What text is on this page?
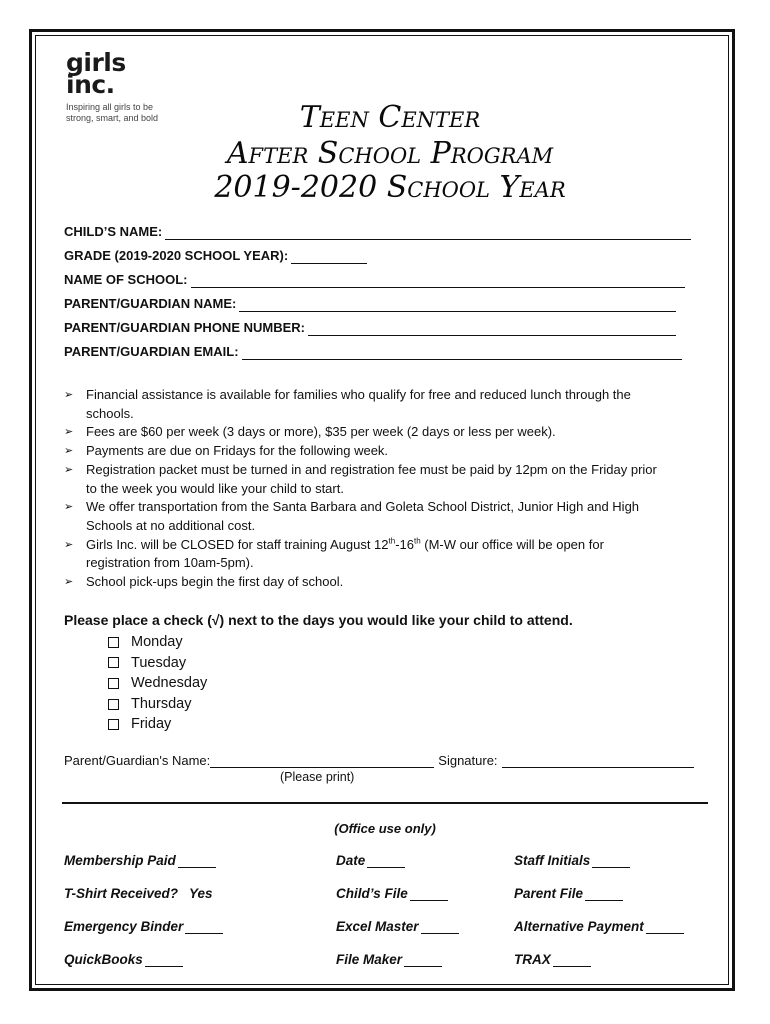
girls
inc.
Inspiring all girls to be
strong, smart, and bold	Teen Center
After School Program
2019-2020 School Year
CHILD’S NAME:
GRADE (2019-2020 SCHOOL YEAR):
NAME OF SCHOOL:
PARENT/GUARDIAN NAME:
PARENT/GUARDIAN PHONE NUMBER:
PARENT/GUARDIAN EMAIL:
➢ Financial assistance is available for families who qualify for free and reduced lunch through the
schools.
➢ Fees are $60 per week (3 days or more), $35 per week (2 days or less per week).
➢ Payments are due on Fridays for the following week.
➢ Registration packet must be turned in and registration fee must be paid by 12pm on the Friday prior
to the week you would like your child to start.
➢ We offer transportation from the Santa Barbara and Goleta School District, Junior High and High
Schools at no additional cost.
➢ Girls Inc. will be CLOSED for staff training August 12th-16th (M-W our office will be open for
registration from 10am-5pm).
➢ School pick-ups begin the first day of school.
Please place a check (√) next to the days you would like your child to attend.
Monday
Tuesday
Wednesday
Thursday
Friday
Parent/Guardian's Name:	Signature:
(Please print)
(Office use only)
Membership Paid	Date	Staff Initials
T-Shirt Received?   Yes	Child’s File	Parent File
Emergency Binder	Excel Master	Alternative Payment
QuickBooks	File Maker	TRAX
